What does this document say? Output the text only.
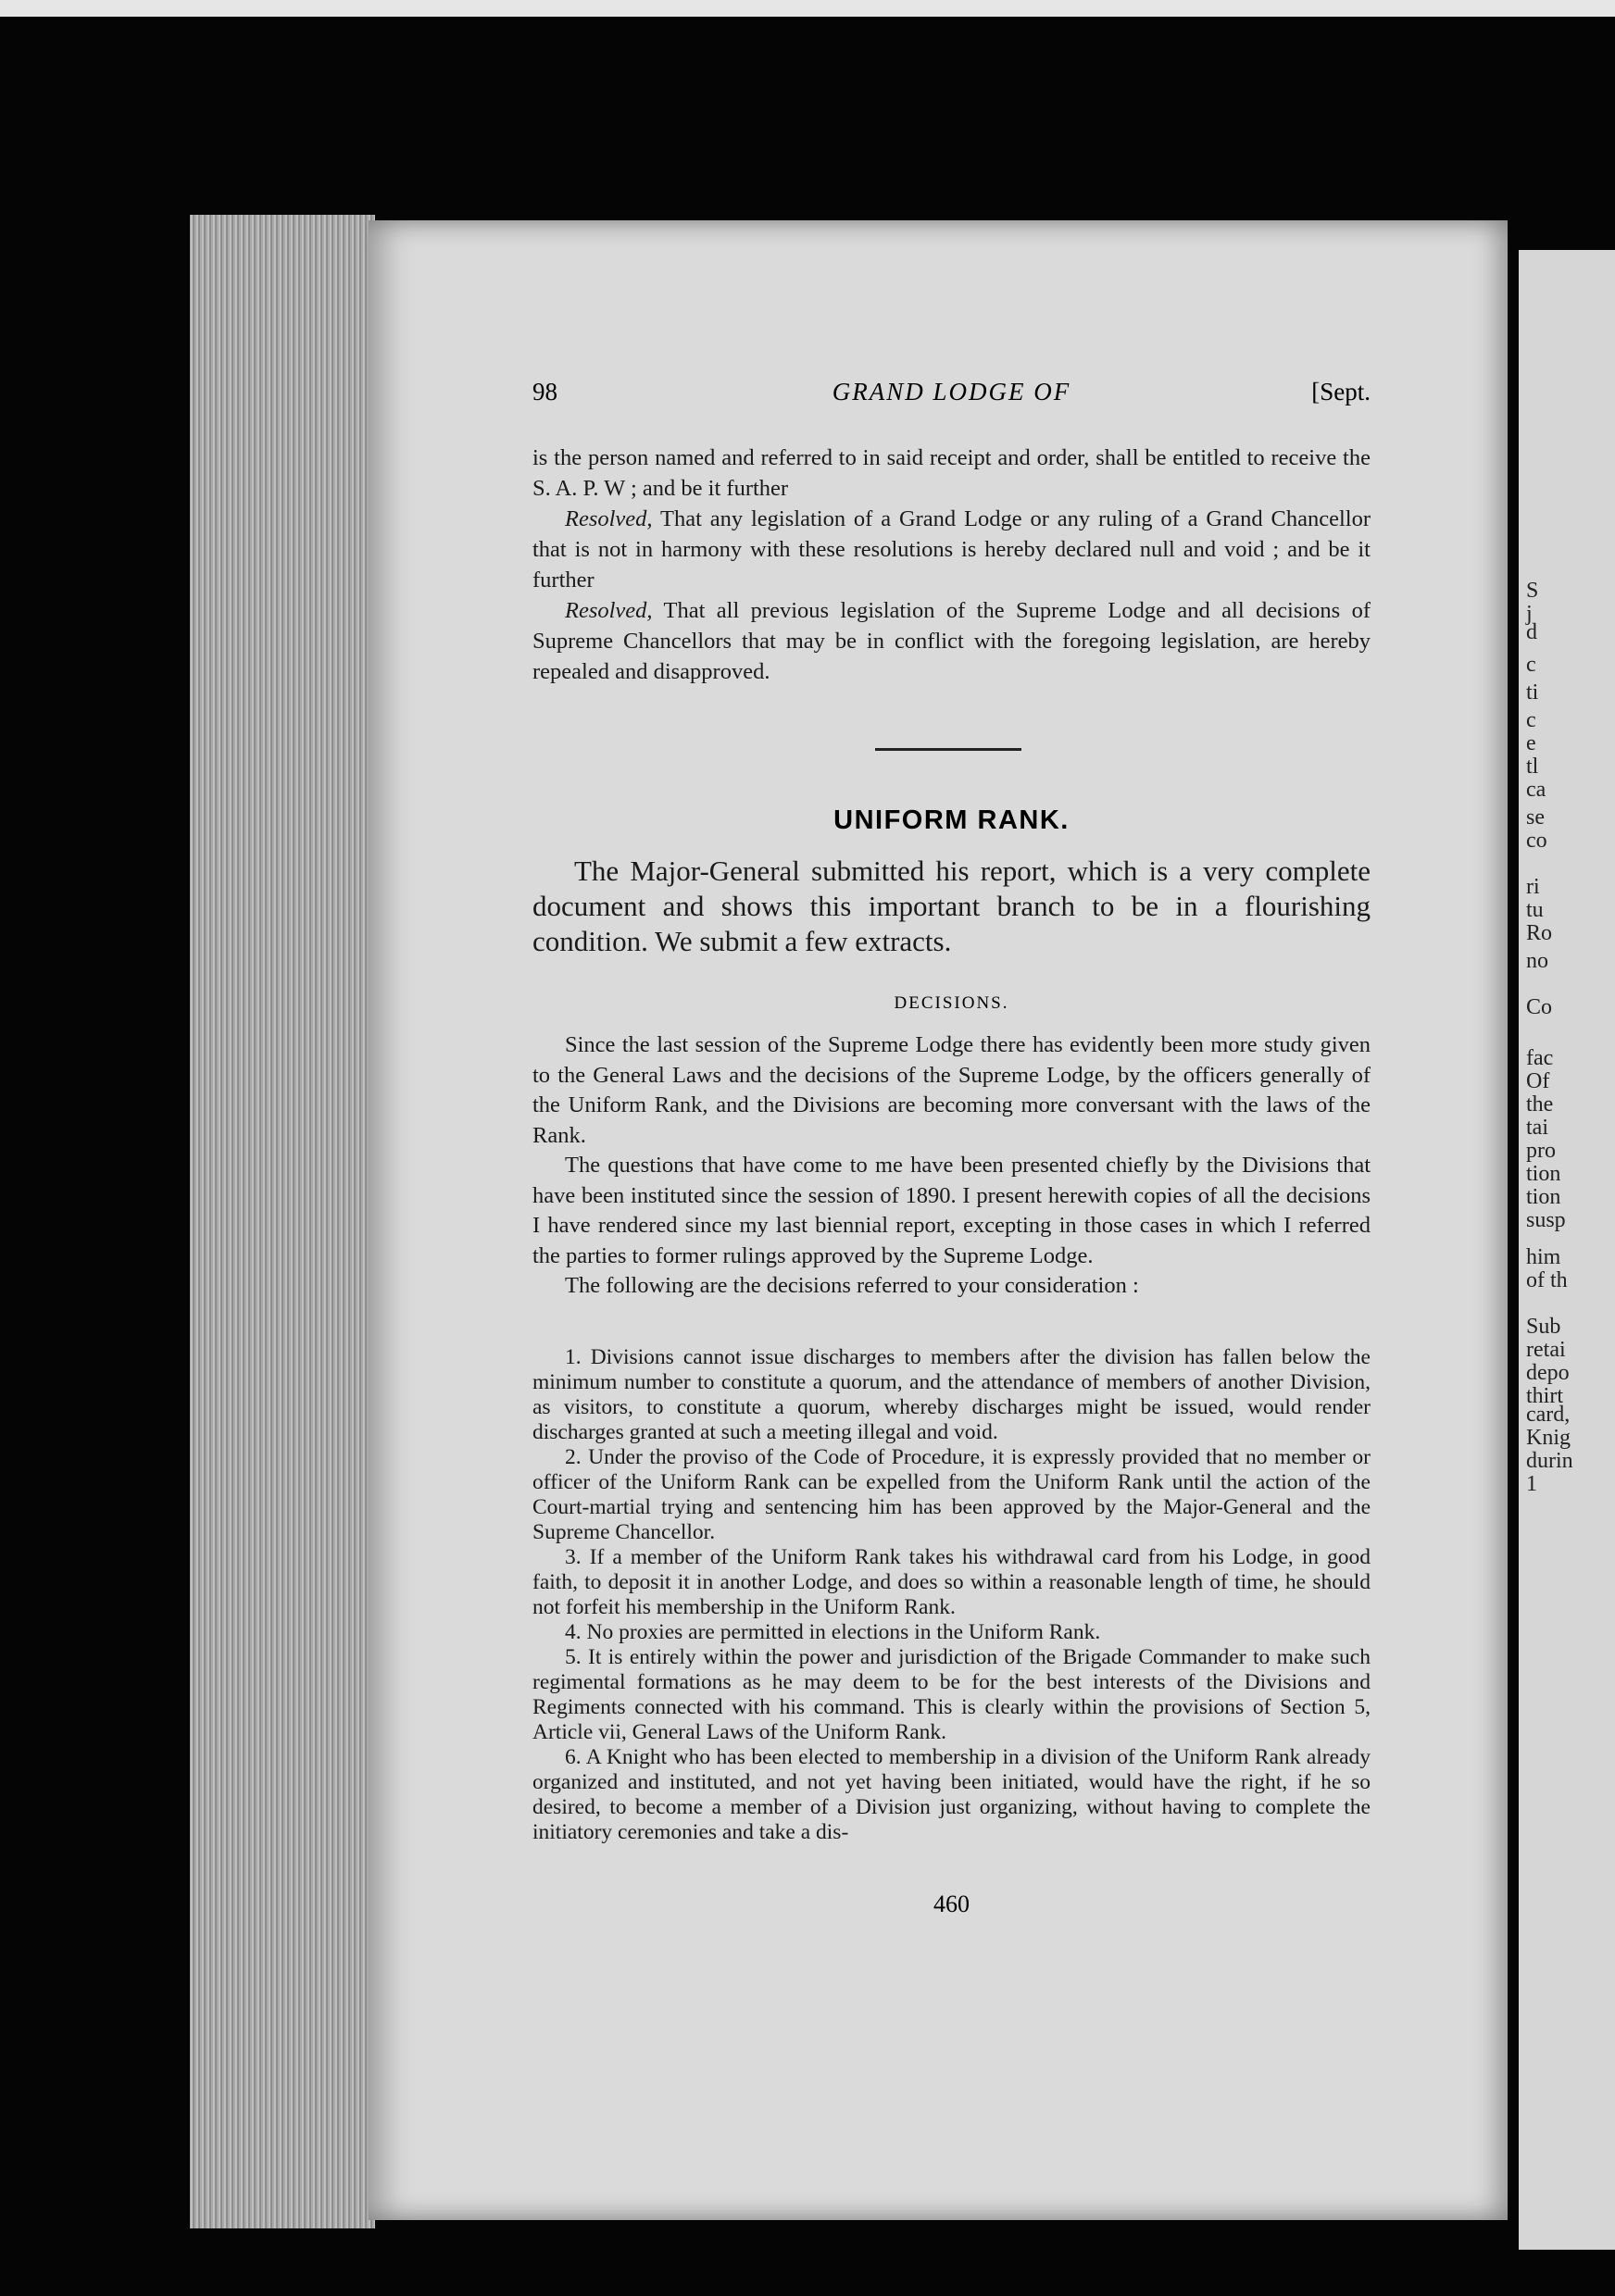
S
j
d
c
ti
c
e
tl
ca
se
co
ri
tu
Ro
no
Co
fac
Of
the
tai
pro
tion
tion
susp
him
of th
Sub
retai
depo
thirt
card,
Knig
durin
1
98	GRAND LODGE OF	[Sept.

is the person named and referred to in said receipt and order, shall be entitled to receive the S. A. P. W ; and be it further

Resolved, That any legislation of a Grand Lodge or any ruling of a Grand Chancellor that is not in harmony with these resolutions is hereby declared null and void ; and be it further

Resolved, That all previous legislation of the Supreme Lodge and all decisions of Supreme Chancellors that may be in conflict with the foregoing legislation, are hereby repealed and disapproved.

UNIFORM RANK.

The Major-General submitted his report, which is a very complete document and shows this important branch to be in a flourishing condition. We submit a few extracts.

DECISIONS.

Since the last session of the Supreme Lodge there has evidently been more study given to the General Laws and the decisions of the Supreme Lodge, by the officers generally of the Uniform Rank, and the Divisions are becoming more conversant with the laws of the Rank.

The questions that have come to me have been presented chiefly by the Divisions that have been instituted since the session of 1890. I present herewith copies of all the decisions I have rendered since my last biennial report, excepting in those cases in which I referred the parties to former rulings approved by the Supreme Lodge.

The following are the decisions referred to your consideration :

1. Divisions cannot issue discharges to members after the division has fallen below the minimum number to constitute a quorum, and the attendance of members of another Division, as visitors, to constitute a quorum, whereby discharges might be issued, would render discharges granted at such a meeting illegal and void.

2. Under the proviso of the Code of Procedure, it is expressly provided that no member or officer of the Uniform Rank can be expelled from the Uniform Rank until the action of the Court-martial trying and sentencing him has been approved by the Major-General and the Supreme Chancellor.

3. If a member of the Uniform Rank takes his withdrawal card from his Lodge, in good faith, to deposit it in another Lodge, and does so within a reasonable length of time, he should not forfeit his membership in the Uniform Rank.

4. No proxies are permitted in elections in the Uniform Rank.

5. It is entirely within the power and jurisdiction of the Brigade Commander to make such regimental formations as he may deem to be for the best interests of the Divisions and Regiments connected with his command. This is clearly within the provisions of Section 5, Article vii, General Laws of the Uniform Rank.

6. A Knight who has been elected to membership in a division of the Uniform Rank already organized and instituted, and not yet having been initiated, would have the right, if he so desired, to become a member of a Division just organizing, without having to complete the initiatory ceremonies and take a dis-

460
